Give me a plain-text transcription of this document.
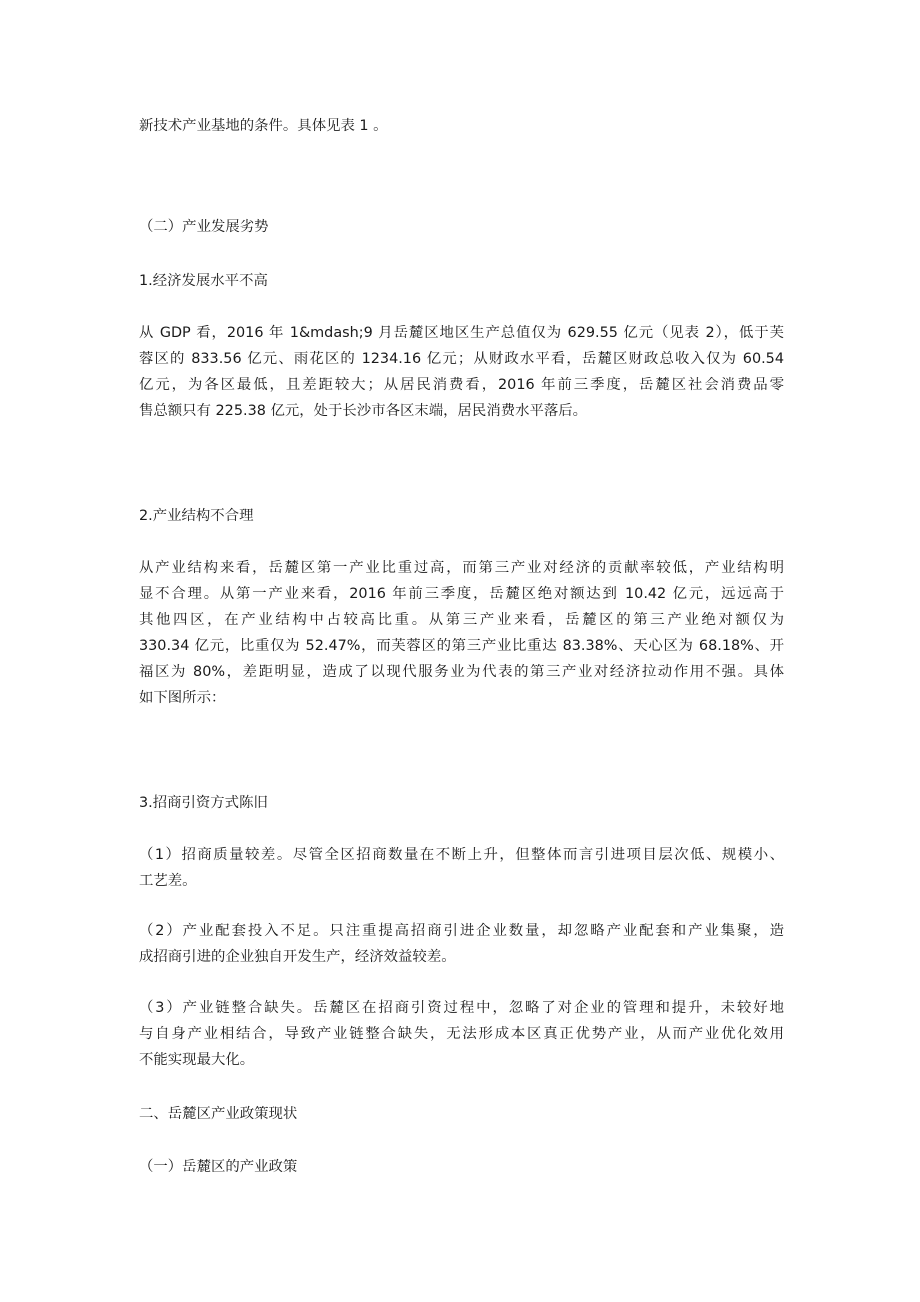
新技术产业基地的条件。具体见表 1 。

（二）产业发展劣势

1.经济发展水平不高

从 GDP 看，2016 年 1&mdash;9 月岳麓区地区生产总值仅为 629.55 亿元（见表 2），低于芙
蓉区的 833.56 亿元、雨花区的 1234.16 亿元；从财政水平看，岳麓区财政总收入仅为 60.54
亿元，为各区最低，且差距较大；从居民消费看，2016 年前三季度，岳麓区社会消费品零
售总额只有 225.38 亿元，处于长沙市各区末端，居民消费水平落后。

2.产业结构不合理

从产业结构来看，岳麓区第一产业比重过高，而第三产业对经济的贡献率较低，产业结构明
显不合理。从第一产业来看，2016 年前三季度，岳麓区绝对额达到 10.42 亿元，远远高于
其他四区，在产业结构中占较高比重。从第三产业来看，岳麓区的第三产业绝对额仅为
330.34 亿元，比重仅为 52.47%，而芙蓉区的第三产业比重达 83.38%、天心区为 68.18%、开
福区为 80%，差距明显，造成了以现代服务业为代表的第三产业对经济拉动作用不强。具体
如下图所示：

3.招商引资方式陈旧

（1）招商质量较差。尽管全区招商数量在不断上升，但整体而言引进项目层次低、规模小、
工艺差。

（2）产业配套投入不足。只注重提高招商引进企业数量，却忽略产业配套和产业集聚，造
成招商引进的企业独自开发生产，经济效益较差。

（3）产业链整合缺失。岳麓区在招商引资过程中，忽略了对企业的管理和提升，未较好地
与自身产业相结合，导致产业链整合缺失，无法形成本区真正优势产业，从而产业优化效用
不能实现最大化。

二、岳麓区产业政策现状

（一）岳麓区的产业政策
